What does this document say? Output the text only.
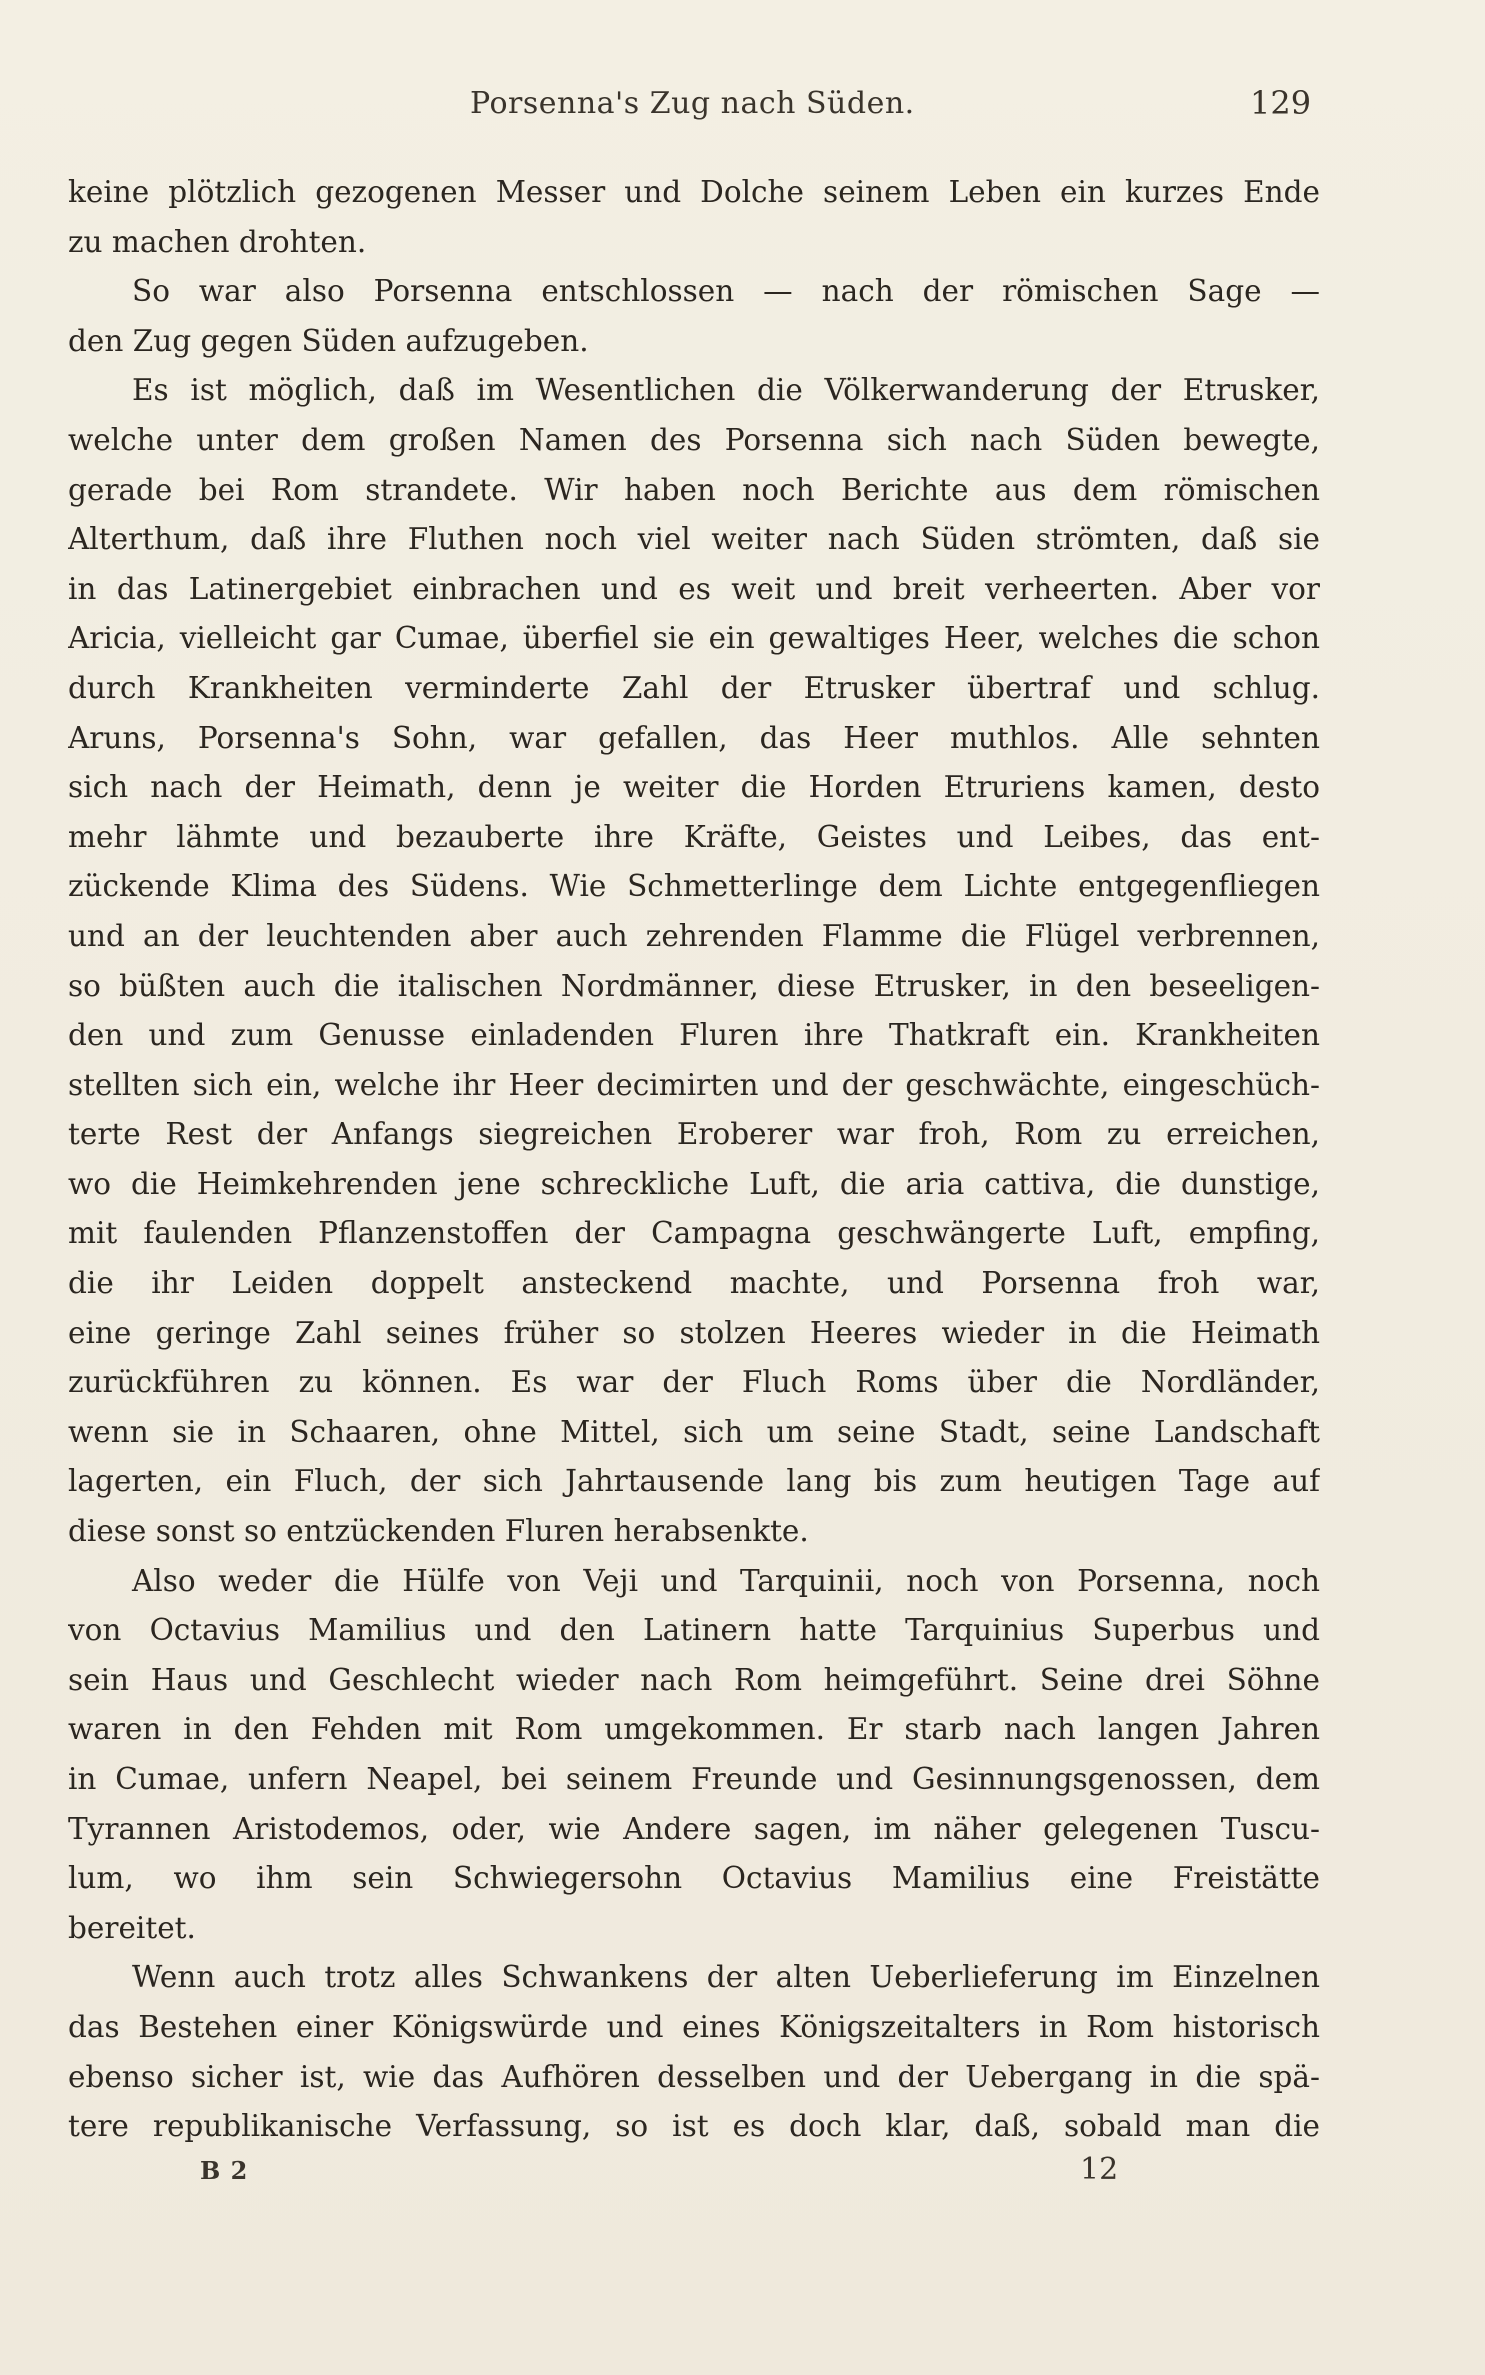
Porsenna's Zug nach Süden.	129
keine plötzlich gezogenen Messer und Dolche seinem Leben ein kurzes Ende
zu machen drohten.
So war also Porsenna entschlossen — nach der römischen Sage —
den Zug gegen Süden aufzugeben.
Es ist möglich, daß im Wesentlichen die Völkerwanderung der Etrusker,
welche unter dem großen Namen des Porsenna sich nach Süden bewegte,
gerade bei Rom strandete. Wir haben noch Berichte aus dem römischen
Alterthum, daß ihre Fluthen noch viel weiter nach Süden strömten, daß sie
in das Latinergebiet einbrachen und es weit und breit verheerten. Aber vor
Aricia, vielleicht gar Cumae, überfiel sie ein gewaltiges Heer, welches die schon
durch Krankheiten verminderte Zahl der Etrusker übertraf und schlug.
Aruns, Porsenna's Sohn, war gefallen, das Heer muthlos. Alle sehnten
sich nach der Heimath, denn je weiter die Horden Etruriens kamen, desto
mehr lähmte und bezauberte ihre Kräfte, Geistes und Leibes, das ent-
zückende Klima des Südens. Wie Schmetterlinge dem Lichte entgegenfliegen
und an der leuchtenden aber auch zehrenden Flamme die Flügel verbrennen,
so büßten auch die italischen Nordmänner, diese Etrusker, in den beseeligen-
den und zum Genusse einladenden Fluren ihre Thatkraft ein. Krankheiten
stellten sich ein, welche ihr Heer decimirten und der geschwächte, eingeschüch-
terte Rest der Anfangs siegreichen Eroberer war froh, Rom zu erreichen,
wo die Heimkehrenden jene schreckliche Luft, die aria cattiva, die dunstige,
mit faulenden Pflanzenstoffen der Campagna geschwängerte Luft, empfing,
die ihr Leiden doppelt ansteckend machte, und Porsenna froh war,
eine geringe Zahl seines früher so stolzen Heeres wieder in die Heimath
zurückführen zu können. Es war der Fluch Roms über die Nordländer,
wenn sie in Schaaren, ohne Mittel, sich um seine Stadt, seine Landschaft
lagerten, ein Fluch, der sich Jahrtausende lang bis zum heutigen Tage auf
diese sonst so entzückenden Fluren herabsenkte.
Also weder die Hülfe von Veji und Tarquinii, noch von Porsenna, noch
von Octavius Mamilius und den Latinern hatte Tarquinius Superbus und
sein Haus und Geschlecht wieder nach Rom heimgeführt. Seine drei Söhne
waren in den Fehden mit Rom umgekommen. Er starb nach langen Jahren
in Cumae, unfern Neapel, bei seinem Freunde und Gesinnungsgenossen, dem
Tyrannen Aristodemos, oder, wie Andere sagen, im näher gelegenen Tuscu-
lum, wo ihm sein Schwiegersohn Octavius Mamilius eine Freistätte
bereitet.
Wenn auch trotz alles Schwankens der alten Ueberlieferung im Einzelnen
das Bestehen einer Königswürde und eines Königszeitalters in Rom historisch
ebenso sicher ist, wie das Aufhören desselben und der Uebergang in die spä-
tere republikanische Verfassung, so ist es doch klar, daß, sobald man die
B 2	12
